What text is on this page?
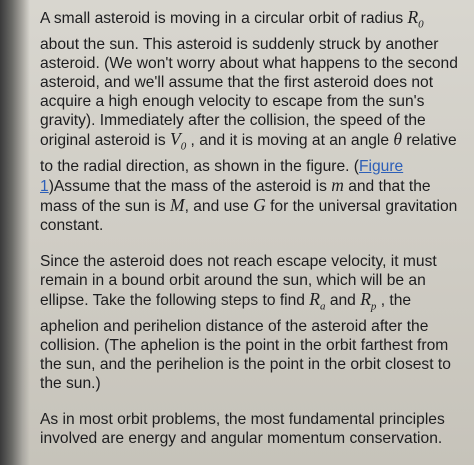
A small asteroid is moving in a circular orbit of radius $R_0$ about the sun. This asteroid is suddenly struck by another asteroid. (We won't worry about what happens to the second asteroid, and we'll assume that the first asteroid does not acquire a high enough velocity to escape from the sun's gravity). Immediately after the collision, the speed of the original asteroid is $V_0$ , and it is moving at an angle θ relative to the radial direction, as shown in the figure. (Figure 1)Assume that the mass of the asteroid is m and that the mass of the sun is M, and use G for the universal gravitation constant.

Since the asteroid does not reach escape velocity, it must remain in a bound orbit around the sun, which will be an ellipse. Take the following steps to find $R_a$ and $R_p$ , the aphelion and perihelion distance of the asteroid after the collision. (The aphelion is the point in the orbit farthest from the sun, and the perihelion is the point in the orbit closest to the sun.)

As in most orbit problems, the most fundamental principles involved are energy and angular momentum conservation.
